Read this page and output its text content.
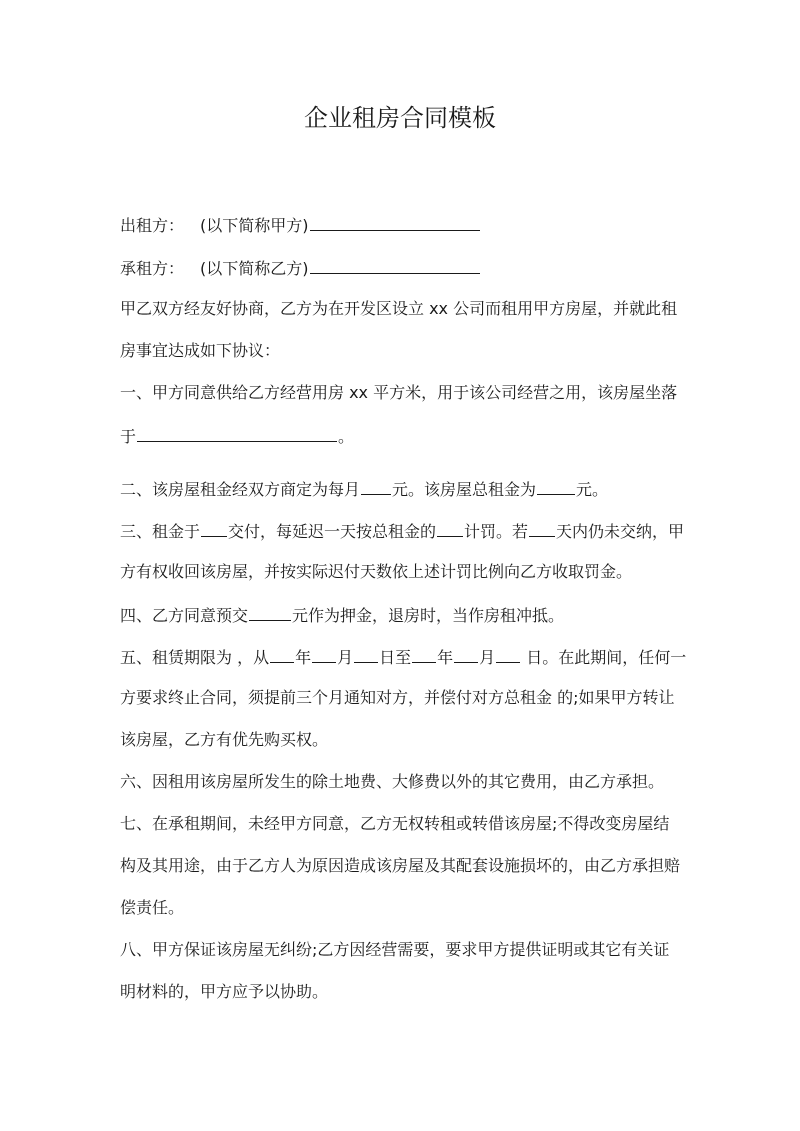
企业租房合同模板
出租方： (以下简称甲方)
承租方： (以下简称乙方)
甲乙双方经友好协商，乙方为在开发区设立 xx 公司而租用甲方房屋，并就此租
房事宜达成如下协议：
一、甲方同意供给乙方经营用房 xx 平方米，用于该公司经营之用，该房屋坐落
于	。
二、该房屋租金经双方商定为每月 元。该房屋总租金为	元。
三、租金于 交付，每延迟一天按总租金的 计罚。若 天内仍未交纳，甲
方有权收回该房屋，并按实际迟付天数依上述计罚比例向乙方收取罚金。
四、乙方同意预交	元作为押金，退房时，当作房租冲抵。
五、租赁期限为 ，从 年 月 日至 年 月 日。在此期间，任何一
方要求终止合同，须提前三个月通知对方，并偿付对方总租金 的;如果甲方转让
该房屋，乙方有优先购买权。
六、因租用该房屋所发生的除土地费、大修费以外的其它费用，由乙方承担。
七、在承租期间，未经甲方同意，乙方无权转租或转借该房屋;不得改变房屋结
构及其用途，由于乙方人为原因造成该房屋及其配套设施损坏的，由乙方承担赔
偿责任。
八、甲方保证该房屋无纠纷;乙方因经营需要，要求甲方提供证明或其它有关证
明材料的，甲方应予以协助。
